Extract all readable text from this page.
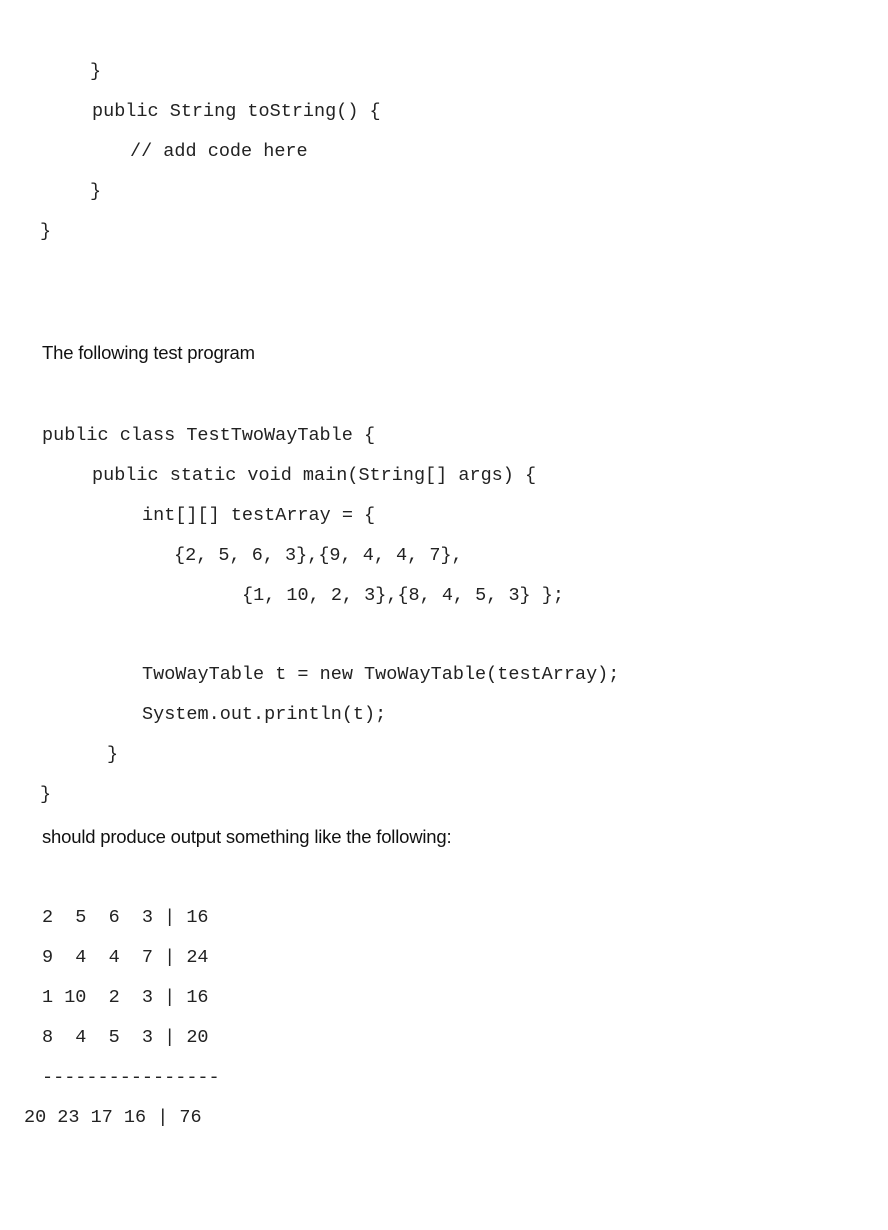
}
public String toString() {
// add code here
}
}
The following test program
public class TestTwoWayTable {
public static void main(String[] args) {
int[][] testArray = {
{2, 5, 6, 3},{9, 4, 4, 7},
{1, 10, 2, 3},{8, 4, 5, 3} };
TwoWayTable t = new TwoWayTable(testArray);
System.out.println(t);
}
}
should produce output something like the following:
2  5  6  3 | 16
9  4  4  7 | 24
1 10  2  3 | 16
8  4  5  3 | 20
----------------
20 23 17 16 | 76
